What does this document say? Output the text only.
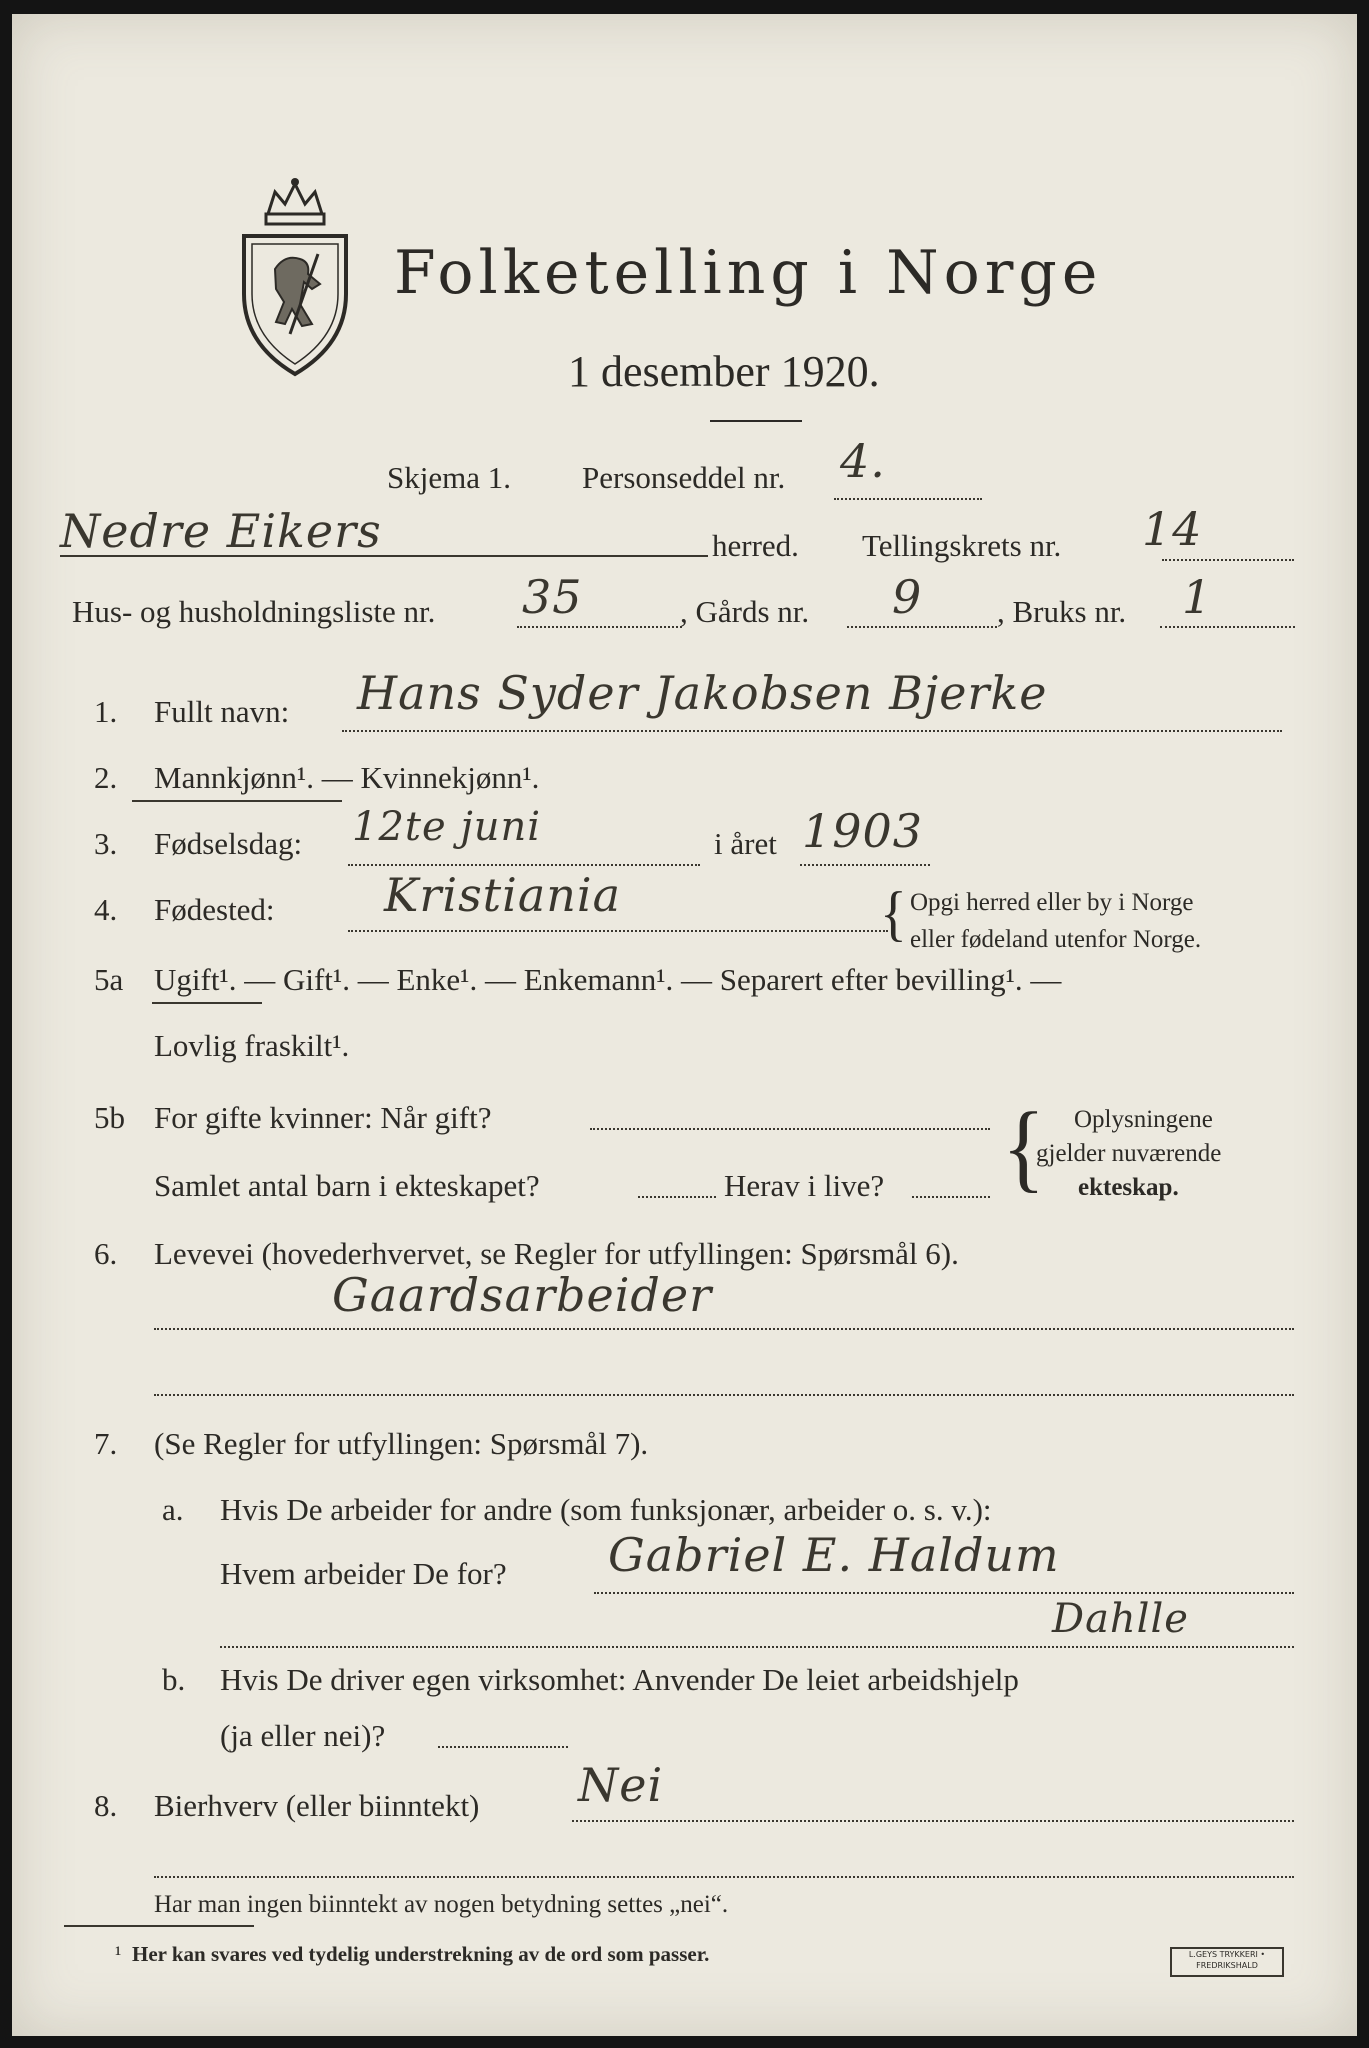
Folketelling i Norge
1 desember 1920.
Skjema 1. Personseddel nr. 4.
Nedre Eikers	herred. Tellingskrets nr. 14
Hus- og husholdningsliste nr. 35	, Gårds nr. 9 , Bruks nr. 1
1. Fullt navn: Hans Syder Jakobsen Bjerke
2. Mannkjønn¹. — Kvinnekjønn¹.
3. Fødselsdag: 12te juni	i året 1903
4. Fødested: Kristiania	{ Opgi herred eller by i Norge
eller fødeland utenfor Norge.
5a Ugift¹. — Gift¹. — Enke¹. — Enkemann¹. — Separert efter bevilling¹. —
Lovlig fraskilt¹.
5b For gifte kvinner: Når gift?
Samlet antal barn i ekteskapet?	Herav i live? { Oplysningene
gjelder nuværende
ekteskap.
6. Levevei (hovederhvervet, se Regler for utfyllingen: Spørsmål 6).
Gaardsarbeider
7. (Se Regler for utfyllingen: Spørsmål 7).
a. Hvis De arbeider for andre (som funksjonær, arbeider o. s. v.):
Hvem arbeider De for? Gabriel E. Haldum
Dahlle
b. Hvis De driver egen virksomhet: Anvender De leiet arbeidshjelp
(ja eller nei)?
8. Bierhverv (eller biinntekt) Nei
Har man ingen biinntekt av nogen betydning settes „nei“.
¹ Her kan svares ved tydelig understrekning av de ord som passer.	L.GEYS TRYKKERI • FREDRIKSHALD
